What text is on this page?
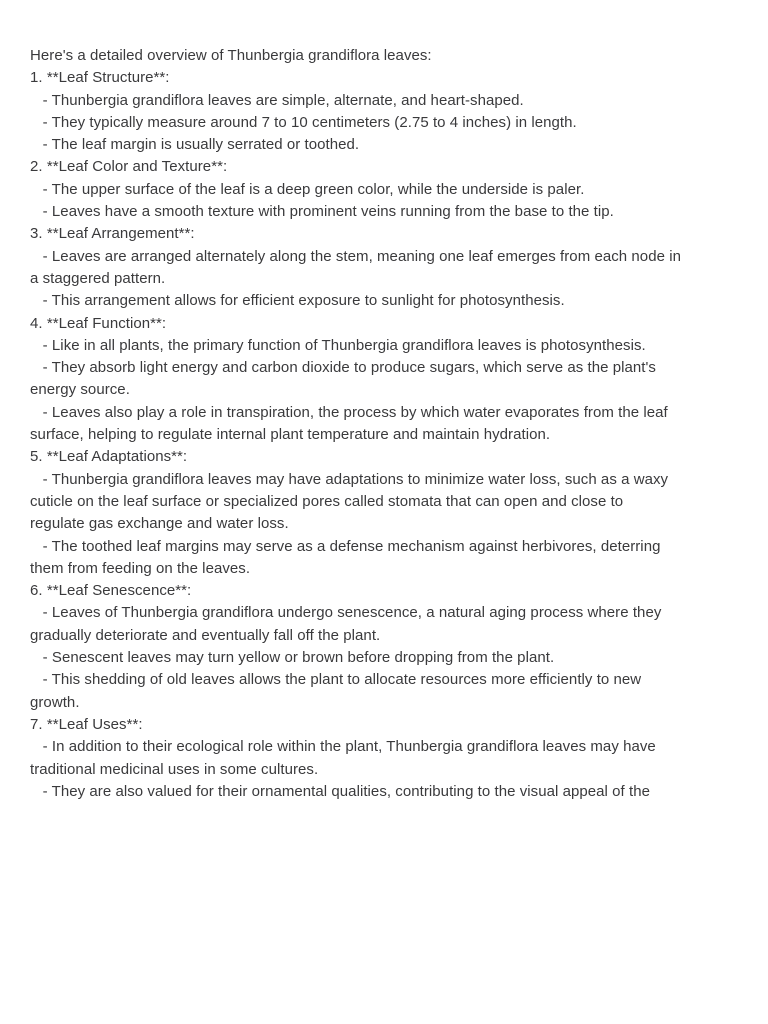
Here's a detailed overview of Thunbergia grandiflora leaves:
1. **Leaf Structure**:
- Thunbergia grandiflora leaves are simple, alternate, and heart-shaped.
- They typically measure around 7 to 10 centimeters (2.75 to 4 inches) in length.
- The leaf margin is usually serrated or toothed.
2. **Leaf Color and Texture**:
- The upper surface of the leaf is a deep green color, while the underside is paler.
- Leaves have a smooth texture with prominent veins running from the base to the tip.
3. **Leaf Arrangement**:
- Leaves are arranged alternately along the stem, meaning one leaf emerges from each node in
a staggered pattern.
- This arrangement allows for efficient exposure to sunlight for photosynthesis.
4. **Leaf Function**:
- Like in all plants, the primary function of Thunbergia grandiflora leaves is photosynthesis.
- They absorb light energy and carbon dioxide to produce sugars, which serve as the plant's
energy source.
- Leaves also play a role in transpiration, the process by which water evaporates from the leaf
surface, helping to regulate internal plant temperature and maintain hydration.
5. **Leaf Adaptations**:
- Thunbergia grandiflora leaves may have adaptations to minimize water loss, such as a waxy
cuticle on the leaf surface or specialized pores called stomata that can open and close to
regulate gas exchange and water loss.
- The toothed leaf margins may serve as a defense mechanism against herbivores, deterring
them from feeding on the leaves.
6. **Leaf Senescence**:
- Leaves of Thunbergia grandiflora undergo senescence, a natural aging process where they
gradually deteriorate and eventually fall off the plant.
- Senescent leaves may turn yellow or brown before dropping from the plant.
- This shedding of old leaves allows the plant to allocate resources more efficiently to new
growth.
7. **Leaf Uses**:
- In addition to their ecological role within the plant, Thunbergia grandiflora leaves may have
traditional medicinal uses in some cultures.
- They are also valued for their ornamental qualities, contributing to the visual appeal of the
